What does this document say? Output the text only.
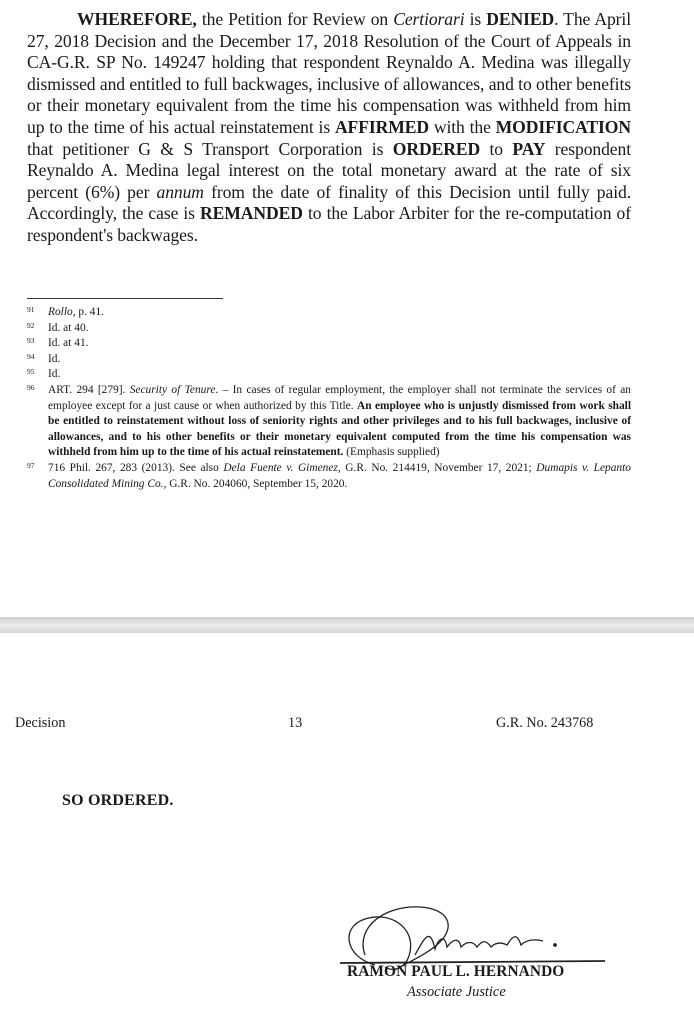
WHEREFORE, the Petition for Review on Certiorari is DENIED. The April 27, 2018 Decision and the December 17, 2018 Resolution of the Court of Appeals in CA-G.R. SP No. 149247 holding that respondent Reynaldo A. Medina was illegally dismissed and entitled to full backwages, inclusive of allowances, and to other benefits or their monetary equivalent from the time his compensation was withheld from him up to the time of his actual reinstatement is AFFIRMED with the MODIFICATION that petitioner G & S Transport Corporation is ORDERED to PAY respondent Reynaldo A. Medina legal interest on the total monetary award at the rate of six percent (6%) per annum from the date of finality of this Decision until fully paid. Accordingly, the case is REMANDED to the Labor Arbiter for the re-computation of respondent's backwages.

91 Rollo, p. 41.
92 Id. at 40.
93 Id. at 41.
94 Id.
95 Id.
96 ART. 294 [279]. Security of Tenure. – In cases of regular employment, the employer shall not terminate the services of an employee except for a just cause or when authorized by this Title. An employee who is unjustly dismissed from work shall be entitled to reinstatement without loss of seniority rights and other privileges and to his full backwages, inclusive of allowances, and to his other benefits or their monetary equivalent computed from the time his compensation was withheld from him up to the time of his actual reinstatement. (Emphasis supplied)
97 716 Phil. 267, 283 (2013). See also Dela Fuente v. Gimenez, G.R. No. 214419, November 17, 2021; Dumapis v. Lepanto Consolidated Mining Co., G.R. No. 204060, September 15, 2020.
Decision	13	G.R. No. 243768
SO ORDERED.
RAMON PAUL L. HERNANDO
Associate Justice
